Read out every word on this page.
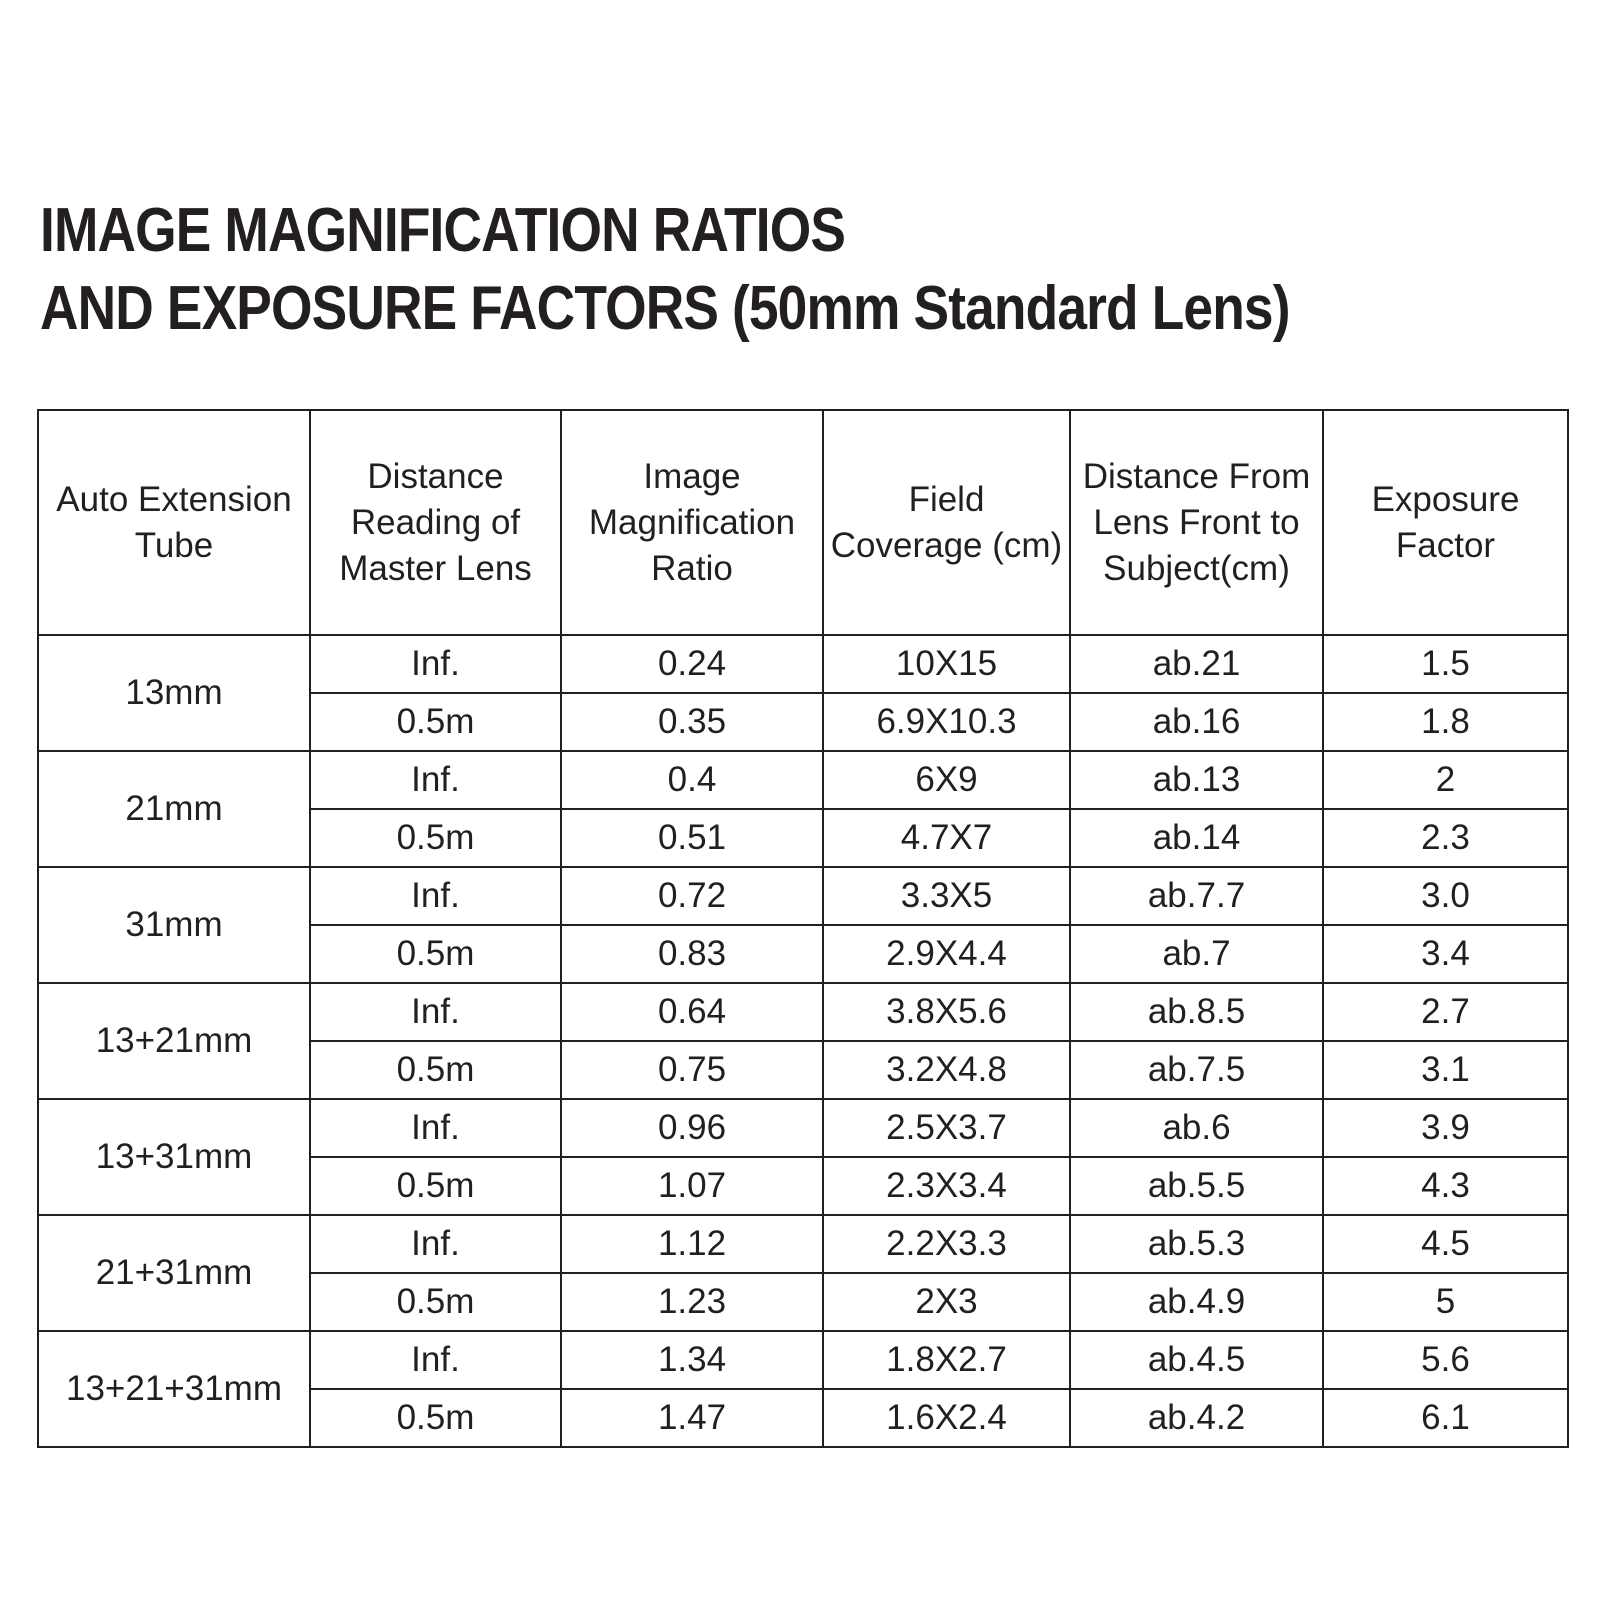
IMAGE MAGNIFICATION RATIOS
AND EXPOSURE FACTORS (50mm Standard Lens)
Auto Extension Tube	Distance Reading of Master Lens	Image Magnification Ratio	Field Coverage (cm)	Distance From Lens Front to Subject(cm)	Exposure Factor
13mm	Inf.	0.24	10X15	ab.21	1.5
	0.5m	0.35	6.9X10.3	ab.16	1.8
21mm	Inf.	0.4	6X9	ab.13	2
	0.5m	0.51	4.7X7	ab.14	2.3
31mm	Inf.	0.72	3.3X5	ab.7.7	3.0
	0.5m	0.83	2.9X4.4	ab.7	3.4
13+21mm	Inf.	0.64	3.8X5.6	ab.8.5	2.7
	0.5m	0.75	3.2X4.8	ab.7.5	3.1
13+31mm	Inf.	0.96	2.5X3.7	ab.6	3.9
	0.5m	1.07	2.3X3.4	ab.5.5	4.3
21+31mm	Inf.	1.12	2.2X3.3	ab.5.3	4.5
	0.5m	1.23	2X3	ab.4.9	5
13+21+31mm	Inf.	1.34	1.8X2.7	ab.4.5	5.6
	0.5m	1.47	1.6X2.4	ab.4.2	6.1
